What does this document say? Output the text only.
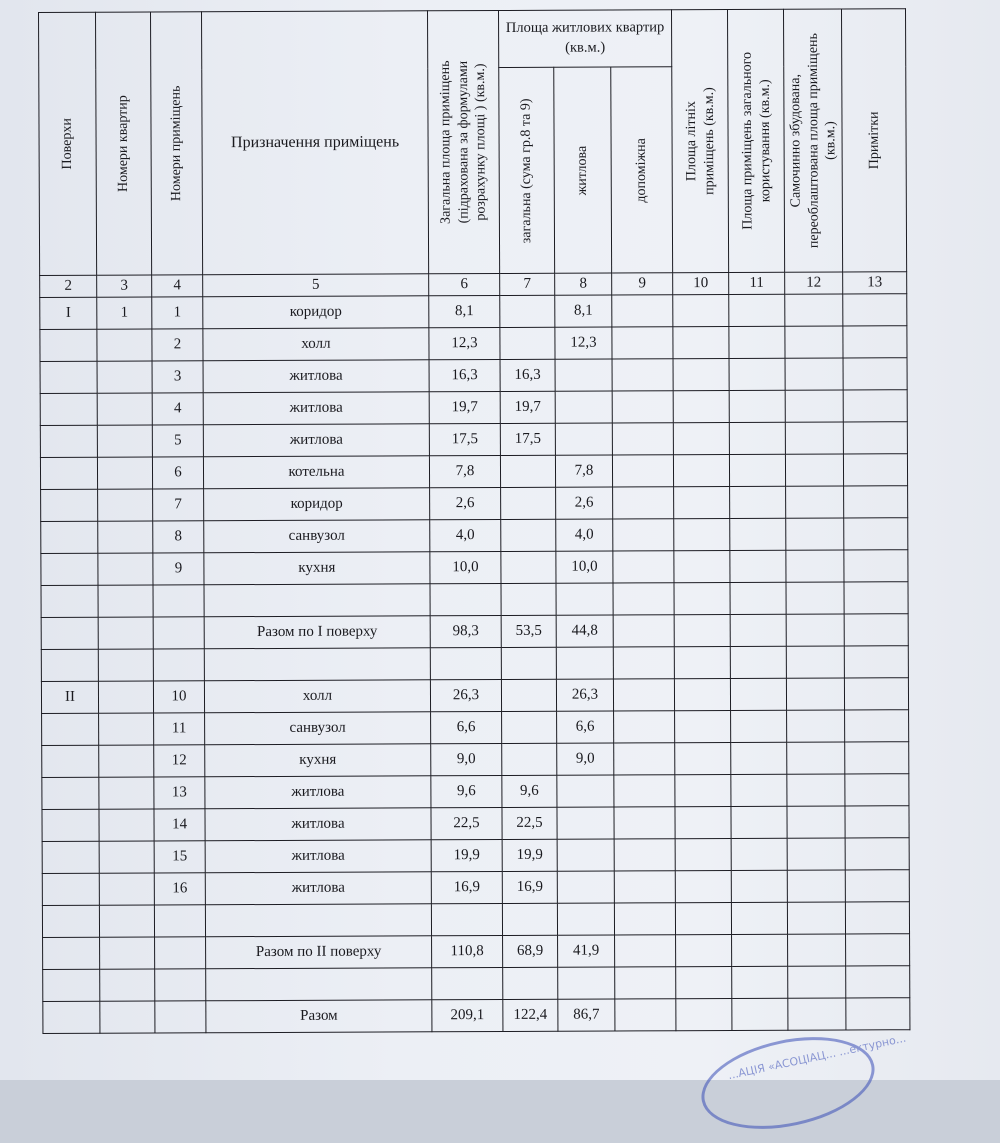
Поверхи	Номери квартир	Номери приміщень	Призначення приміщень	Загальна площа приміщень (підрахована за формулами розрахунку площі ) (кв.м.)	Площа житлових квартир (кв.м.)			Площа літніх приміщень (кв.м.)	Площа приміщень загального користування (кв.м.)	Самочинно збудована, переоблаштована площа приміщень (кв.м.)	Примітки

					загальна (сума гр.8 та 9)	житлова	допоміжна				

2	3	4	5	6	7	8	9	10	11	12	13
I	1	1	коридор	8,1		8,1					
		2	холл	12,3		12,3					
		3	житлова	16,3	16,3						
		4	житлова	19,7	19,7						
		5	житлова	17,5	17,5						
		6	котельна	7,8		7,8					
		7	коридор	2,6		2,6					
		8	санвузол	4,0		4,0					
		9	кухня	10,0		10,0					

			Разом по I поверху	98,3	53,5	44,8					

II		10	холл	26,3		26,3					
		11	санвузол	6,6		6,6					
		12	кухня	9,0		9,0					
		13	житлова	9,6	9,6						
		14	житлова	22,5	22,5						
		15	житлова	19,9	19,9						
		16	житлова	16,9	16,9						

			Разом по II поверху	110,8	68,9	41,9					

			Разом	209,1	122,4	86,7					
...АЦІЯ «АСОЦІАЦ... ...ектурно...
